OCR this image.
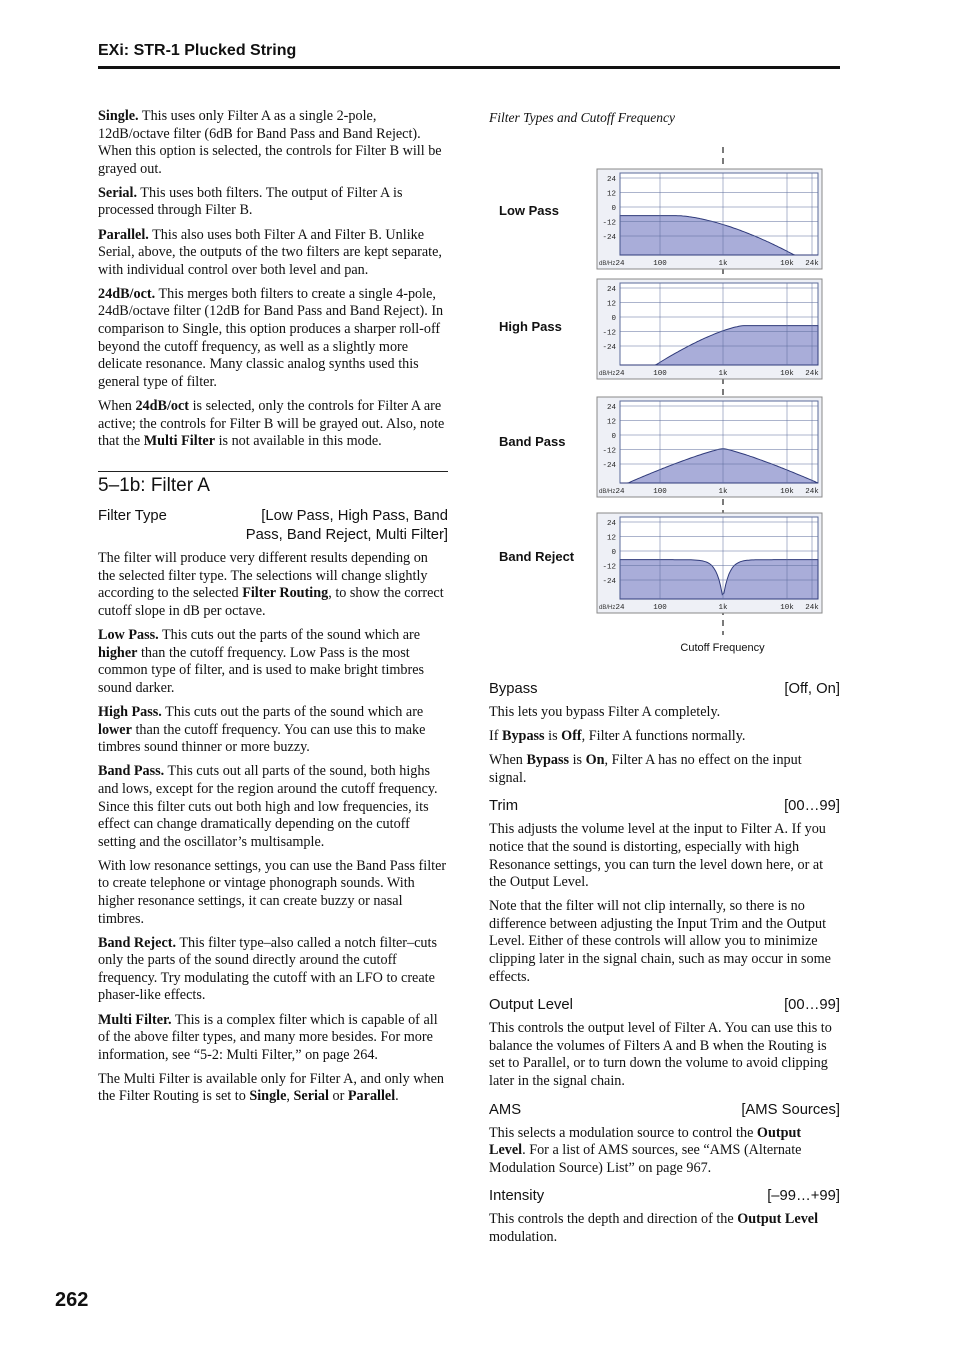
EXi: STR-1 Plucked String

Single. This uses only Filter A as a single 2-pole, 12dB/octave filter (6dB for Band Pass and Band Reject). When this option is selected, the controls for Filter B will be grayed out.

Serial. This uses both filters. The output of Filter A is processed through Filter B.

Parallel. This also uses both Filter A and Filter B. Unlike Serial, above, the outputs of the two filters are kept separate, with individual control over both level and pan.

24dB/oct. This merges both filters to create a single 4-pole, 24dB/octave filter (12dB for Band Pass and Band Reject). In comparison to Single, this option produces a sharper roll-off beyond the cutoff frequency, as well as a slightly more delicate resonance. Many classic analog synths used this general type of filter.

When 24dB/oct is selected, only the controls for Filter A are active; the controls for Filter B will be grayed out. Also, note that the Multi Filter is not available in this mode.

5–1b: Filter A
Filter Type	[Low Pass, High Pass, Band Pass, Band Reject, Multi Filter]

The filter will produce very different results depending on the selected filter type. The selections will change slightly according to the selected Filter Routing, to show the correct cutoff slope in dB per octave.

Low Pass. This cuts out the parts of the sound which are higher than the cutoff frequency. Low Pass is the most common type of filter, and is used to make bright timbres sound darker.

High Pass. This cuts out the parts of the sound which are lower than the cutoff frequency. You can use this to make timbres sound thinner or more buzzy.

Band Pass. This cuts out all parts of the sound, both highs and lows, except for the region around the cutoff frequency. Since this filter cuts out both high and low frequencies, its effect can change dramatically depending on the cutoff setting and the oscillator’s multisample.

With low resonance settings, you can use the Band Pass filter to create telephone or vintage phonograph sounds. With higher resonance settings, it can create buzzy or nasal timbres.

Band Reject. This filter type–also called a notch filter–cuts only the parts of the sound directly around the cutoff frequency. Try modulating the cutoff with an LFO to create phaser-like effects.

Multi Filter. This is a complex filter which is capable of all of the above filter types, and many more besides. For more information, see “5-2: Multi Filter,” on page 264.

The Multi Filter is available only for Filter A, and only when the Filter Routing is set to Single, Serial or Parallel.

Filter Types and Cutoff Frequency
Low Pass
High Pass
Band Pass
Band Reject
24
12
0
-12
-24
24	100	1k	10k 24k
dB/Hz
24
12
0
-12
-24
24	100	1k	10k 24k
dB/Hz
24
12
0
-12
-24
24	100	1k	10k 24k
dB/Hz
24
12
0
-12
-24
24	100	1k	10k 24k
dB/Hz
Cutoff Frequency
Bypass	[Off, On]

This lets you bypass Filter A completely.

If Bypass is Off, Filter A functions normally.

When Bypass is On, Filter A has no effect on the input signal.

Trim	[00…99]

This adjusts the volume level at the input to Filter A. If you notice that the sound is distorting, especially with high Resonance settings, you can turn the level down here, or at the Output Level.

Note that the filter will not clip internally, so there is no difference between adjusting the Input Trim and the Output Level. Either of these controls will allow you to minimize clipping later in the signal chain, such as may occur in some effects.

Output Level	[00…99]

This controls the output level of Filter A. You can use this to balance the volumes of Filters A and B when the Routing is set to Parallel, or to turn down the volume to avoid clipping later in the signal chain.

AMS	[AMS Sources]

This selects a modulation source to control the Output Level. For a list of AMS sources, see “AMS (Alternate Modulation Source) List” on page 967.

Intensity	[–99…+99]

This controls the depth and direction of the Output Level modulation.

262
